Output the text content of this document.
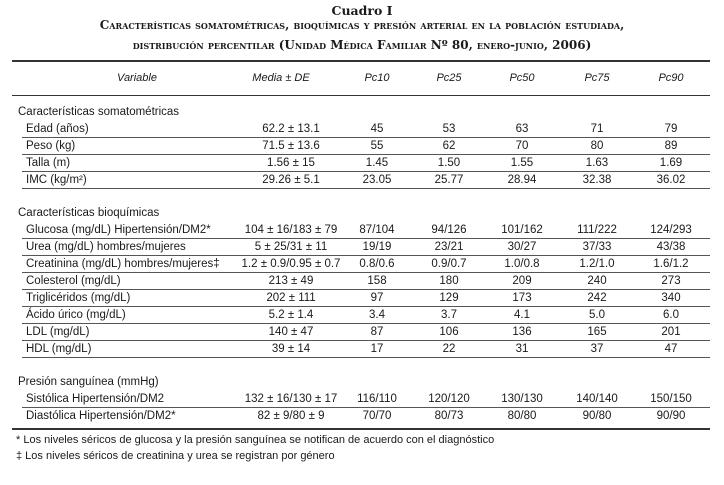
Cuadro I
Características somatométricas, bioquímicas y presión arterial en la población estudiada,
distribución percentilar (Unidad Médica Familiar Nº 80, enero-junio, 2006)
Variable	Media ± DE	Pc10	Pc25	Pc50	Pc75	Pc90
Características somatométricas
Edad (años)	62.2 ± 13.1	45	53	63	71	79
Peso (kg)	71.5 ± 13.6	55	62	70	80	89
Talla (m)	1.56 ± 15	1.45	1.50	1.55	1.63	1.69
IMC (kg/m²)	29.26 ± 5.1	23.05	25.77	28.94	32.38	36.02
Características bioquímicas
Glucosa (mg/dL) Hipertensión/DM2*	104 ± 16/183 ± 79	87/104	94/126	101/162	111/222	124/293
Urea (mg/dL) hombres/mujeres	5 ± 25/31 ± 11	19/19	23/21	30/27	37/33	43/38
Creatinina (mg/dL) hombres/mujeres‡	1.2 ± 0.9/0.95 ± 0.7	0.8/0.6	0.9/0.7	1.0/0.8	1.2/1.0	1.6/1.2
Colesterol (mg/dL)	213 ± 49	158	180	209	240	273
Triglicéridos (mg/dL)	202 ± 111	97	129	173	242	340
Ácido úrico (mg/dL)	5.2 ± 1.4	3.4	3.7	4.1	5.0	6.0
LDL (mg/dL)	140 ± 47	87	106	136	165	201
HDL (mg/dL)	39 ± 14	17	22	31	37	47
Presión sanguínea (mmHg)
Sistólica Hipertensión/DM2	132 ± 16/130 ± 17	116/110	120/120	130/130	140/140	150/150
Diastólica Hipertensión/DM2*	82 ± 9/80 ± 9	70/70	80/73	80/80	90/80	90/90
* Los niveles séricos de glucosa y la presión sanguínea se notifican de acuerdo con el diagnóstico
‡ Los niveles séricos de creatinina y urea se registran por género
